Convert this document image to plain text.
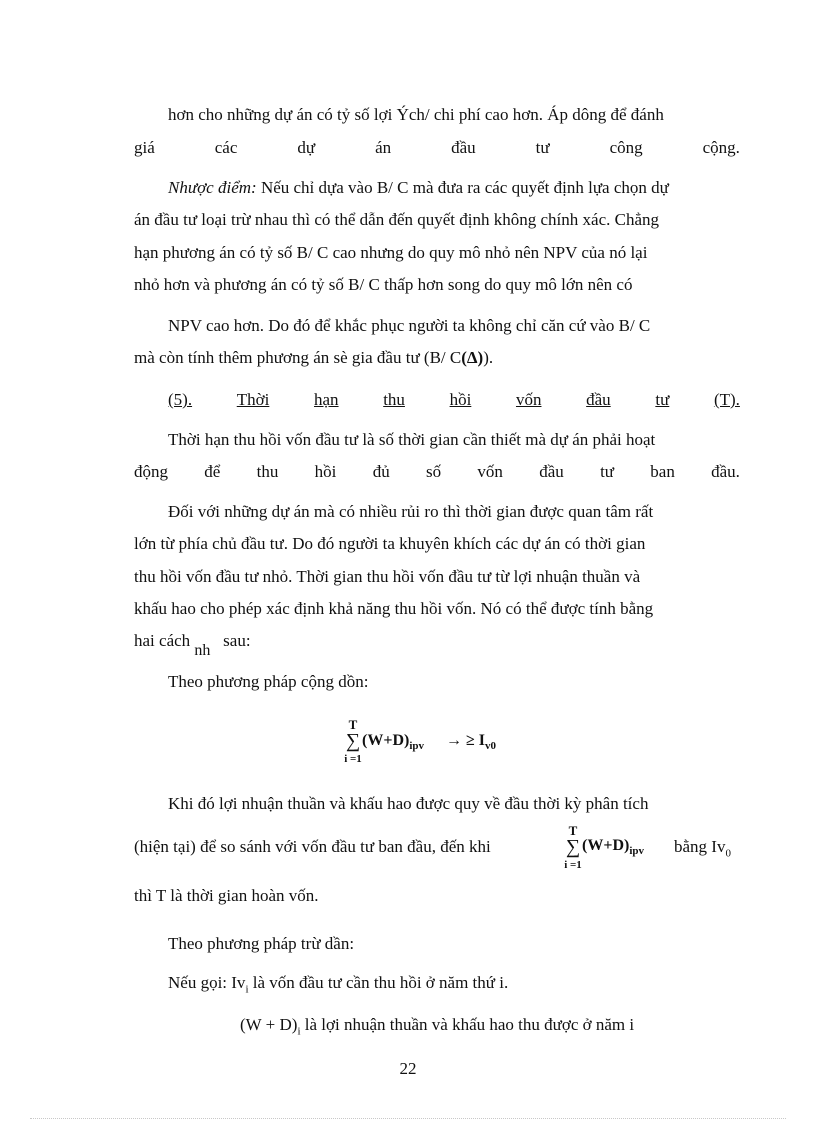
hơn cho những dự án có tỷ số lợi Ých/ chi phí cao hơn. Áp dông để đánh
giá	các	dự	án	đầu	tư	công	cộng.
Nhược điểm: Nếu chỉ dựa vào B/ C mà đưa ra các quyết định lựa chọn dự
án đầu tư loại trừ nhau thì có thể dẫn đến quyết định không chính xác. Chẳng
hạn phương án có tỷ số B/ C cao nhưng do quy mô nhỏ nên NPV của nó lại
nhỏ hơn và phương án có tỷ số B/ C thấp hơn song do quy mô lớn nên có
NPV cao hơn. Do đó để khắc phục người ta không chỉ căn cứ vào B/ C
mà còn tính thêm phương án sè gia đầu tư (B/ C(Δ)).
(5).	Thời	hạn	thu	hồi	vốn	đầu	tư	(T).
Thời hạn thu hồi vốn đầu tư là số thời gian cần thiết mà dự án phải hoạt
động để thu hồi đủ số vốn đầu tư ban đầu.
Đối với những dự án mà có nhiều rủi ro thì thời gian được quan tâm rất
lớn từ phía chủ đầu tư. Do đó người ta khuyên khích các dự án có thời gian
thu hồi vốn đầu tư nhỏ. Thời gian thu hồi vốn đầu tư từ lợi nhuận thuần và
khấu hao cho phép xác định khả năng thu hồi vốn. Nó có thể được tính bằng
hai cách $_{nh}$   sau:
Theo phương pháp cộng dồn:
T
∑
i =1
$(W+D)_{ipv}$ → ≥ $I_{v0}$
Khi đó lợi nhuận thuần và khấu hao được quy về đầu thời kỳ phân tích
(hiện tại) để so sánh với vốn đầu tư ban đầu, đến khi
T
∑
i =1
$(W+D)_{ipv}$ bằng $Iv_0$
thì T là thời gian hoàn vốn.
Theo phương pháp trừ dần:
Nếu gọi: $Iv_i$ là vốn đầu tư cần thu hồi ở năm thứ i.
$(W + D)_i$ là lợi nhuận thuần và khấu hao thu được ở năm i
22
